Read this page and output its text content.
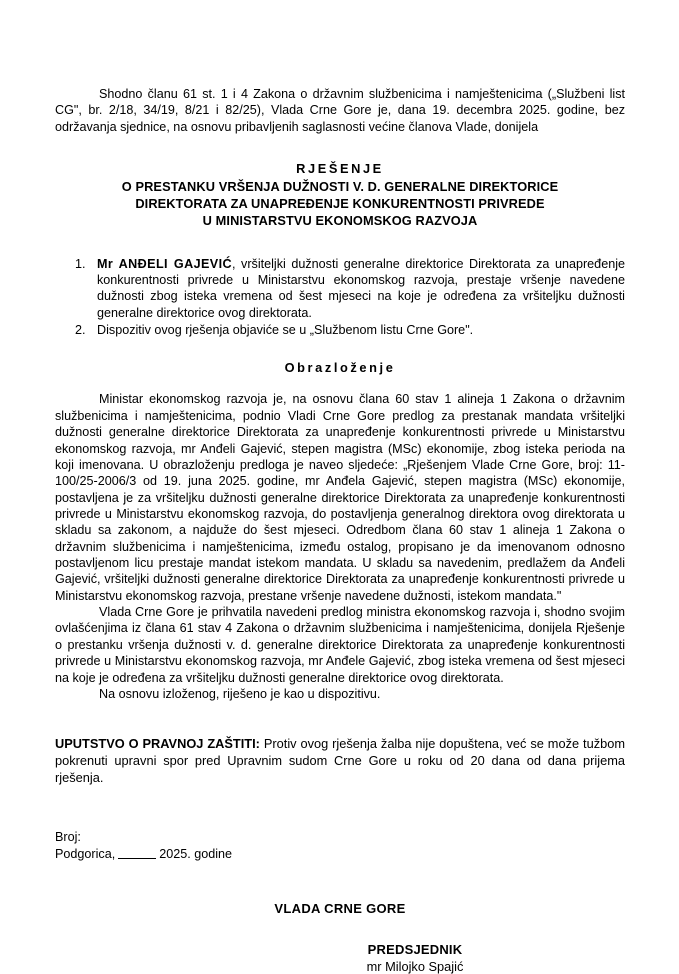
Shodno članu 61 st. 1 i 4 Zakona o državnim službenicima i namještenicima („Službeni list CG", br. 2/18, 34/19, 8/21 i 82/25), Vlada Crne Gore je, dana 19. decembra 2025. godine, bez održavanja sjednice, na osnovu pribavljenih saglasnosti većine članova Vlade, donijela

RJEŠENJE
O PRESTANKU VRŠENJA DUŽNOSTI V. D. GENERALNE DIREKTORICE
DIREKTORATA ZA UNAPREĐENJE KONKURENTNOSTI PRIVREDE
U MINISTARSTVU EKONOMSKOG RAZVOJA
1. Mr ANĐELI GAJEVIĆ, vršiteljki dužnosti generalne direktorice Direktorata za unapređenje konkurentnosti privrede u Ministarstvu ekonomskog razvoja, prestaje vršenje navedene dužnosti zbog isteka vremena od šest mjeseci na koje je određena za vršiteljku dužnosti generalne direktorice ovog direktorata.
2. Dispozitiv ovog rješenja objaviće se u „Službenom listu Crne Gore".
Obrazloženje

Ministar ekonomskog razvoja je, na osnovu člana 60 stav 1 alineja 1 Zakona o državnim službenicima i namještenicima, podnio Vladi Crne Gore predlog za prestanak mandata vršiteljki dužnosti generalne direktorice Direktorata za unapređenje konkurentnosti privrede u Ministarstvu ekonomskog razvoja, mr Anđeli Gajević, stepen magistra (MSc) ekonomije, zbog isteka perioda na koji imenovana. U obrazloženju predloga je naveo sljedeće: „Rješenjem Vlade Crne Gore, broj: 11-100/25-2006/3 od 19. juna 2025. godine, mr Anđela Gajević, stepen magistra (MSc) ekonomije, postavljena je za vršiteljku dužnosti generalne direktorice Direktorata za unapređenje konkurentnosti privrede u Ministarstvu ekonomskog razvoja, do postavljenja generalnog direktora ovog direktorata u skladu sa zakonom, a najduže do šest mjeseci. Odredbom člana 60 stav 1 alineja 1 Zakona o državnim službenicima i namještenicima, između ostalog, propisano je da imenovanom odnosno postavljenom licu prestaje mandat istekom mandata. U skladu sa navedenim, predlažem da Anđeli Gajević, vršiteljki dužnosti generalne direktorice Direktorata za unapređenje konkurentnosti privrede u Ministarstvu ekonomskog razvoja, prestane vršenje navedene dužnosti, istekom mandata."

Vlada Crne Gore je prihvatila navedeni predlog ministra ekonomskog razvoja i, shodno svojim ovlašćenjima iz člana 61 stav 4 Zakona o državnim službenicima i namještenicima, donijela Rješenje o prestanku vršenja dužnosti v. d. generalne direktorice Direktorata za unapređenje konkurentnosti privrede u Ministarstvu ekonomskog razvoja, mr Anđele Gajević, zbog isteka vremena od šest mjeseci na koje je određena za vršiteljku dužnosti generalne direktorice ovog direktorata.

Na osnovu izloženog, riješeno je kao u dispozitivu.

UPUTSTVO O PRAVNOJ ZAŠTITI: Protiv ovog rješenja žalba nije dopuštena, već se može tužbom pokrenuti upravni spor pred Upravnim sudom Crne Gore u roku od 20 dana od dana prijema rješenja.

Broj:
Podgorica,	2025. godine
VLADA CRNE GORE
PREDSJEDNIK
mr Milojko Spajić
